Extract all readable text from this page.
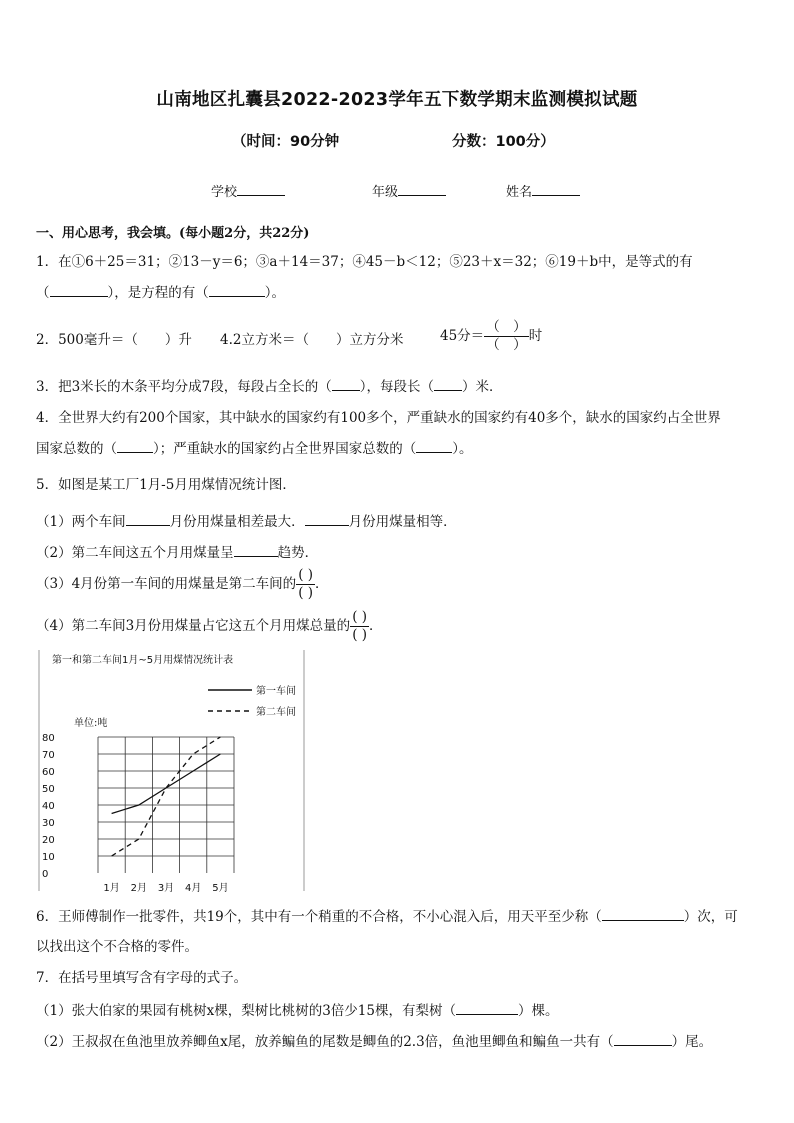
山南地区扎囊县2022-2023学年五下数学期末监测模拟试题
（时间：90分钟	分数：100分）
学校	年级	姓名
一、用心思考，我会填。(每小题2分，共22分)
1．在①6＋25＝31；②13－y＝6；③a＋14＝37；④45－b＜12；⑤23＋x＝32；⑥19＋b中，是等式的有
（	），是方程的有（	）。
2．500毫升＝（　　）升 4.2立方米＝（　　）立方分米	45分＝ $\frac{( )}{( )}$ 时
3．把3米长的木条平均分成7段，每段占全长的（ ），每段长（ ）米．
4．全世界大约有200个国家，其中缺水的国家约有100多个，严重缺水的国家约有40多个，缺水的国家约占全世界
国家总数的（	）；严重缺水的国家约占全世界国家总数的（	）。
5．如图是某工厂1月-5月用煤情况统计图．
（1）两个车间	月份用煤量相差最大．	月份用煤量相等．
（2）第二车间这五个月用煤量呈	趋势．
（3）4月份第一车间的用煤量是第二车间的 $\frac{( )}{( )}$ ．
（4）第二车间3月份用煤量占它这五个月用煤总量的 $\frac{( )}{( )}$ ．
第一和第二车间1月~5月用煤情况统计表
第一车间
第二车间
单位:吨
0
10
20
30
40
50
60
70
80
1月 2月 3月 4月 5月
6．王师傅制作一批零件，共19个，其中有一个稍重的不合格，不小心混入后，用天平至少称（	）次，可
以找出这个不合格的零件。
7．在括号里填写含有字母的式子。
（1）张大伯家的果园有桃树x棵，梨树比桃树的3倍少15棵，有梨树（	）棵。
（2）王叔叔在鱼池里放养鲫鱼x尾，放养鳊鱼的尾数是鲫鱼的2.3倍，鱼池里鲫鱼和鳊鱼一共有（	）尾。
